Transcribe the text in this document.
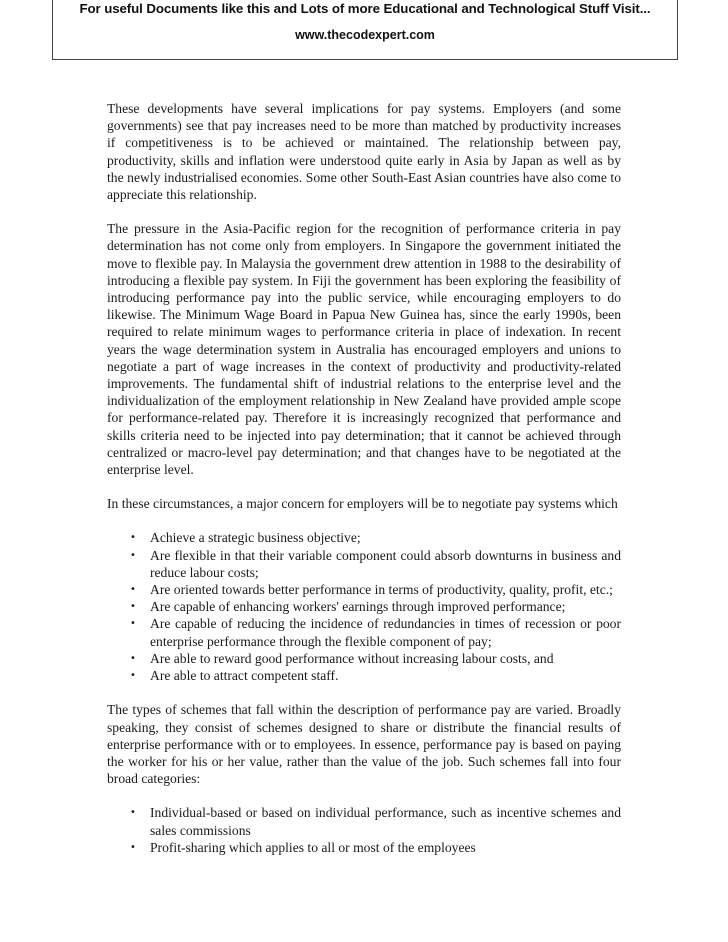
For useful Documents like this and Lots of more Educational and Technological Stuff Visit...
www.thecodexpert.com

These developments have several implications for pay systems. Employers (and some governments) see that pay increases need to be more than matched by productivity increases if competitiveness is to be achieved or maintained. The relationship between pay, productivity, skills and inflation were understood quite early in Asia by Japan as well as by the newly industrialised economies. Some other South-East Asian countries have also come to appreciate this relationship.

The pressure in the Asia-Pacific region for the recognition of performance criteria in pay determination has not come only from employers. In Singapore the government initiated the move to flexible pay. In Malaysia the government drew attention in 1988 to the desirability of introducing a flexible pay system. In Fiji the government has been exploring the feasibility of introducing performance pay into the public service, while encouraging employers to do likewise. The Minimum Wage Board in Papua New Guinea has, since the early 1990s, been required to relate minimum wages to performance criteria in place of indexation. In recent years the wage determination system in Australia has encouraged employers and unions to negotiate a part of wage increases in the context of productivity and productivity-related improvements. The fundamental shift of industrial relations to the enterprise level and the individualization of the employment relationship in New Zealand have provided ample scope for performance-related pay. Therefore it is increasingly recognized that performance and skills criteria need to be injected into pay determination; that it cannot be achieved through centralized or macro-level pay determination; and that changes have to be negotiated at the enterprise level.

In these circumstances, a major concern for employers will be to negotiate pay systems which

• Achieve a strategic business objective;
• Are flexible in that their variable component could absorb downturns in business and reduce labour costs;
• Are oriented towards better performance in terms of productivity, quality, profit, etc.;
• Are capable of enhancing workers' earnings through improved performance;
• Are capable of reducing the incidence of redundancies in times of recession or poor enterprise performance through the flexible component of pay;
• Are able to reward good performance without increasing labour costs, and
• Are able to attract competent staff.

The types of schemes that fall within the description of performance pay are varied. Broadly speaking, they consist of schemes designed to share or distribute the financial results of enterprise performance with or to employees. In essence, performance pay is based on paying the worker for his or her value, rather than the value of the job. Such schemes fall into four broad categories:

• Individual-based or based on individual performance, such as incentive schemes and sales commissions
• Profit-sharing which applies to all or most of the employees
